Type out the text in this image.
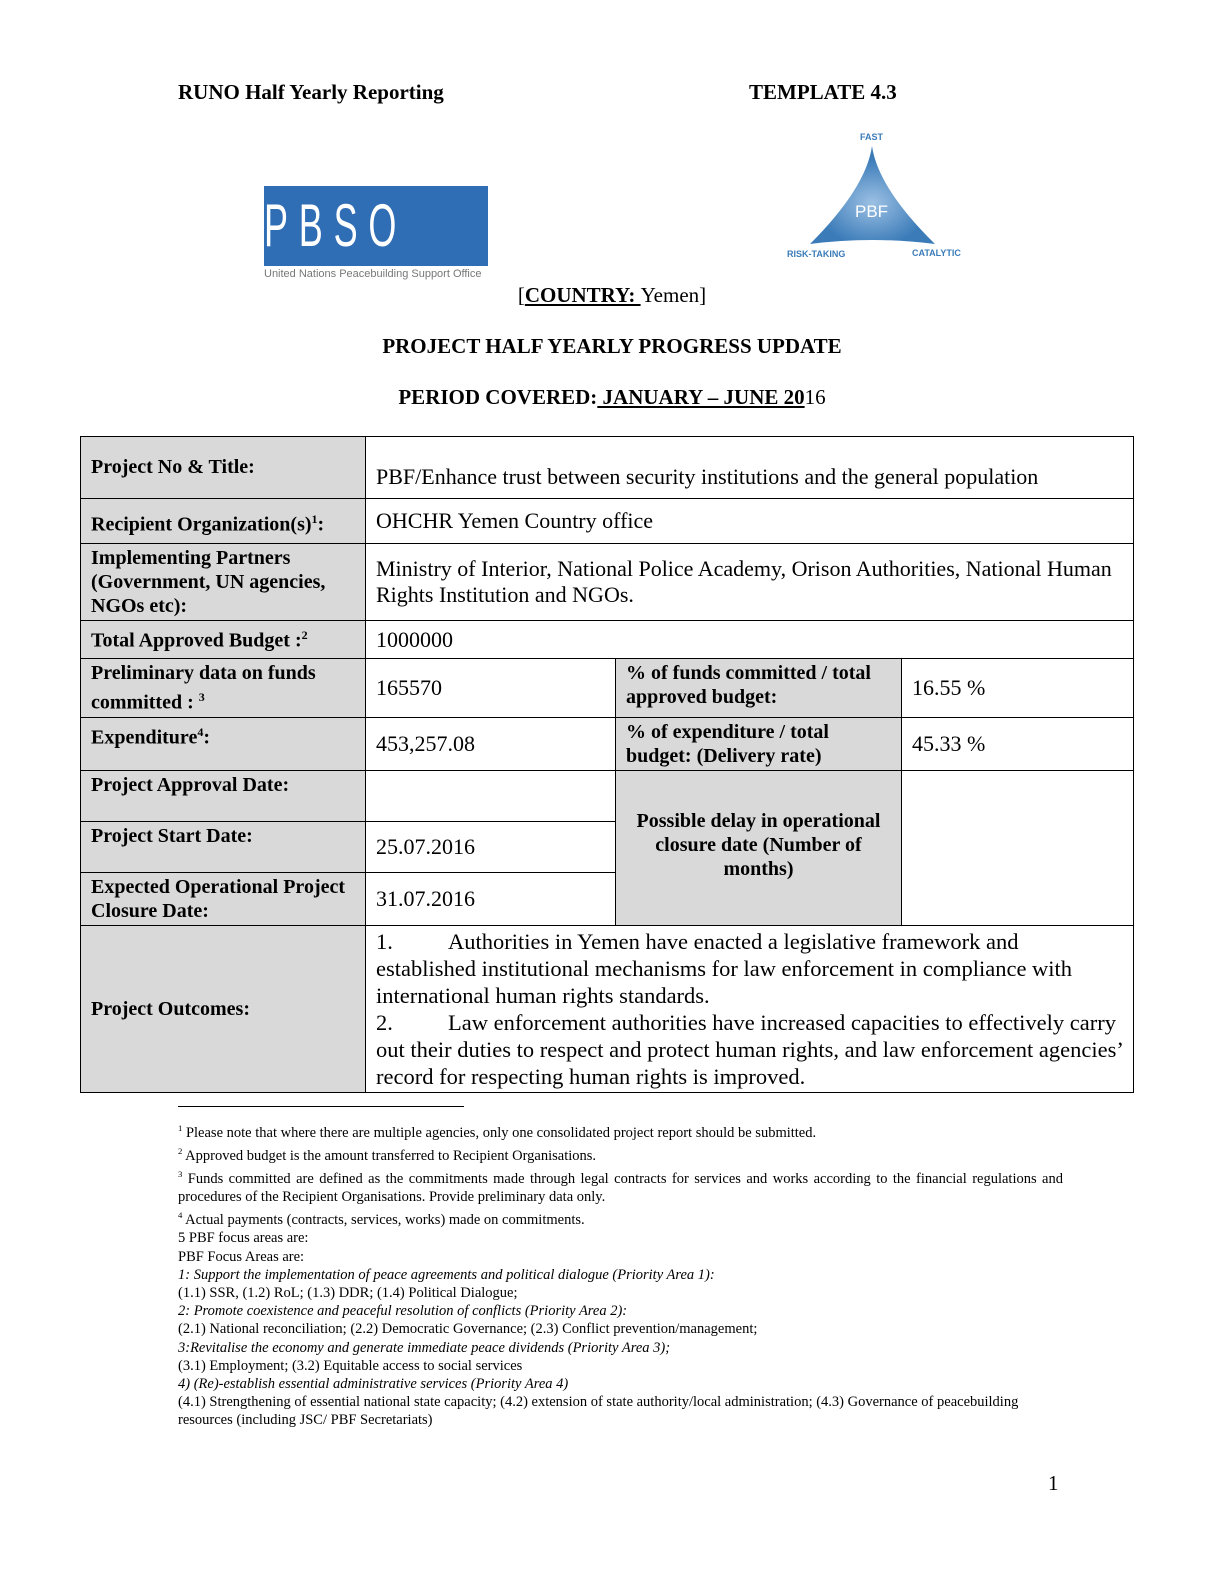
RUNO Half Yearly Reporting	TEMPLATE 4.3
PBSO
United Nations Peacebuilding Support Office
PBF
FAST
RISK-TAKING	CATALYTIC
[COUNTRY: Yemen]
PROJECT HALF YEARLY PROGRESS UPDATE
PERIOD COVERED: JANUARY – JUNE 2016
Project No & Title:	PBF/Enhance trust between security institutions and the general population		
Recipient $Organization(s)^1$:	OHCHR Yemen Country office		
Implementing Partners (Government, UN agencies, NGOs etc):	Ministry of Interior, National Police Academy, Orison Authorities, National Human Rights Institution and NGOs.		
Total Approved Budget :$^2$	1000000		
Preliminary data on funds committed : $^3$	165570	% of funds committed / total approved budget:	16.55 %
Expenditure$^4$:	453,257.08	% of expenditure / total budget: (Delivery rate)	45.33 %
Project Approval Date:		Possible delay in operational closure date (Number of months)	
Project Start Date:	25.07.2016		
Expected Operational Project Closure Date:	31.07.2016		
Project Outcomes:	1. Authorities in Yemen have enacted a legislative framework and established institutional mechanisms for law enforcement in compliance with international human rights standards.
2. Law enforcement authorities have increased capacities to effectively carry out their duties to respect and protect human rights, and law enforcement agencies’ record for respecting human rights is improved.		
$^1$ Please note that where there are multiple agencies, only one consolidated project report should be submitted.
$^2$ Approved budget is the amount transferred to Recipient Organisations.
$^3$ Funds committed are defined as the commitments made through legal contracts for services and works according to the financial regulations and procedures of the Recipient Organisations. Provide preliminary data only.
$^4$ Actual payments (contracts, services, works) made on commitments.
5 PBF focus areas are:
PBF Focus Areas are:
1: Support the implementation of peace agreements and political dialogue (Priority Area 1):
(1.1) SSR, (1.2) RoL; (1.3) DDR; (1.4) Political Dialogue;
2: Promote coexistence and peaceful resolution of conflicts (Priority Area 2):
(2.1) National reconciliation; (2.2) Democratic Governance; (2.3) Conflict prevention/management;
3:Revitalise the economy and generate immediate peace dividends (Priority Area 3);
(3.1) Employment; (3.2) Equitable access to social services
4) (Re)-establish essential administrative services (Priority Area 4)
(4.1) Strengthening of essential national state capacity; (4.2) extension of state authority/local administration; (4.3) Governance of peacebuilding resources (including JSC/ PBF Secretariats)
1
